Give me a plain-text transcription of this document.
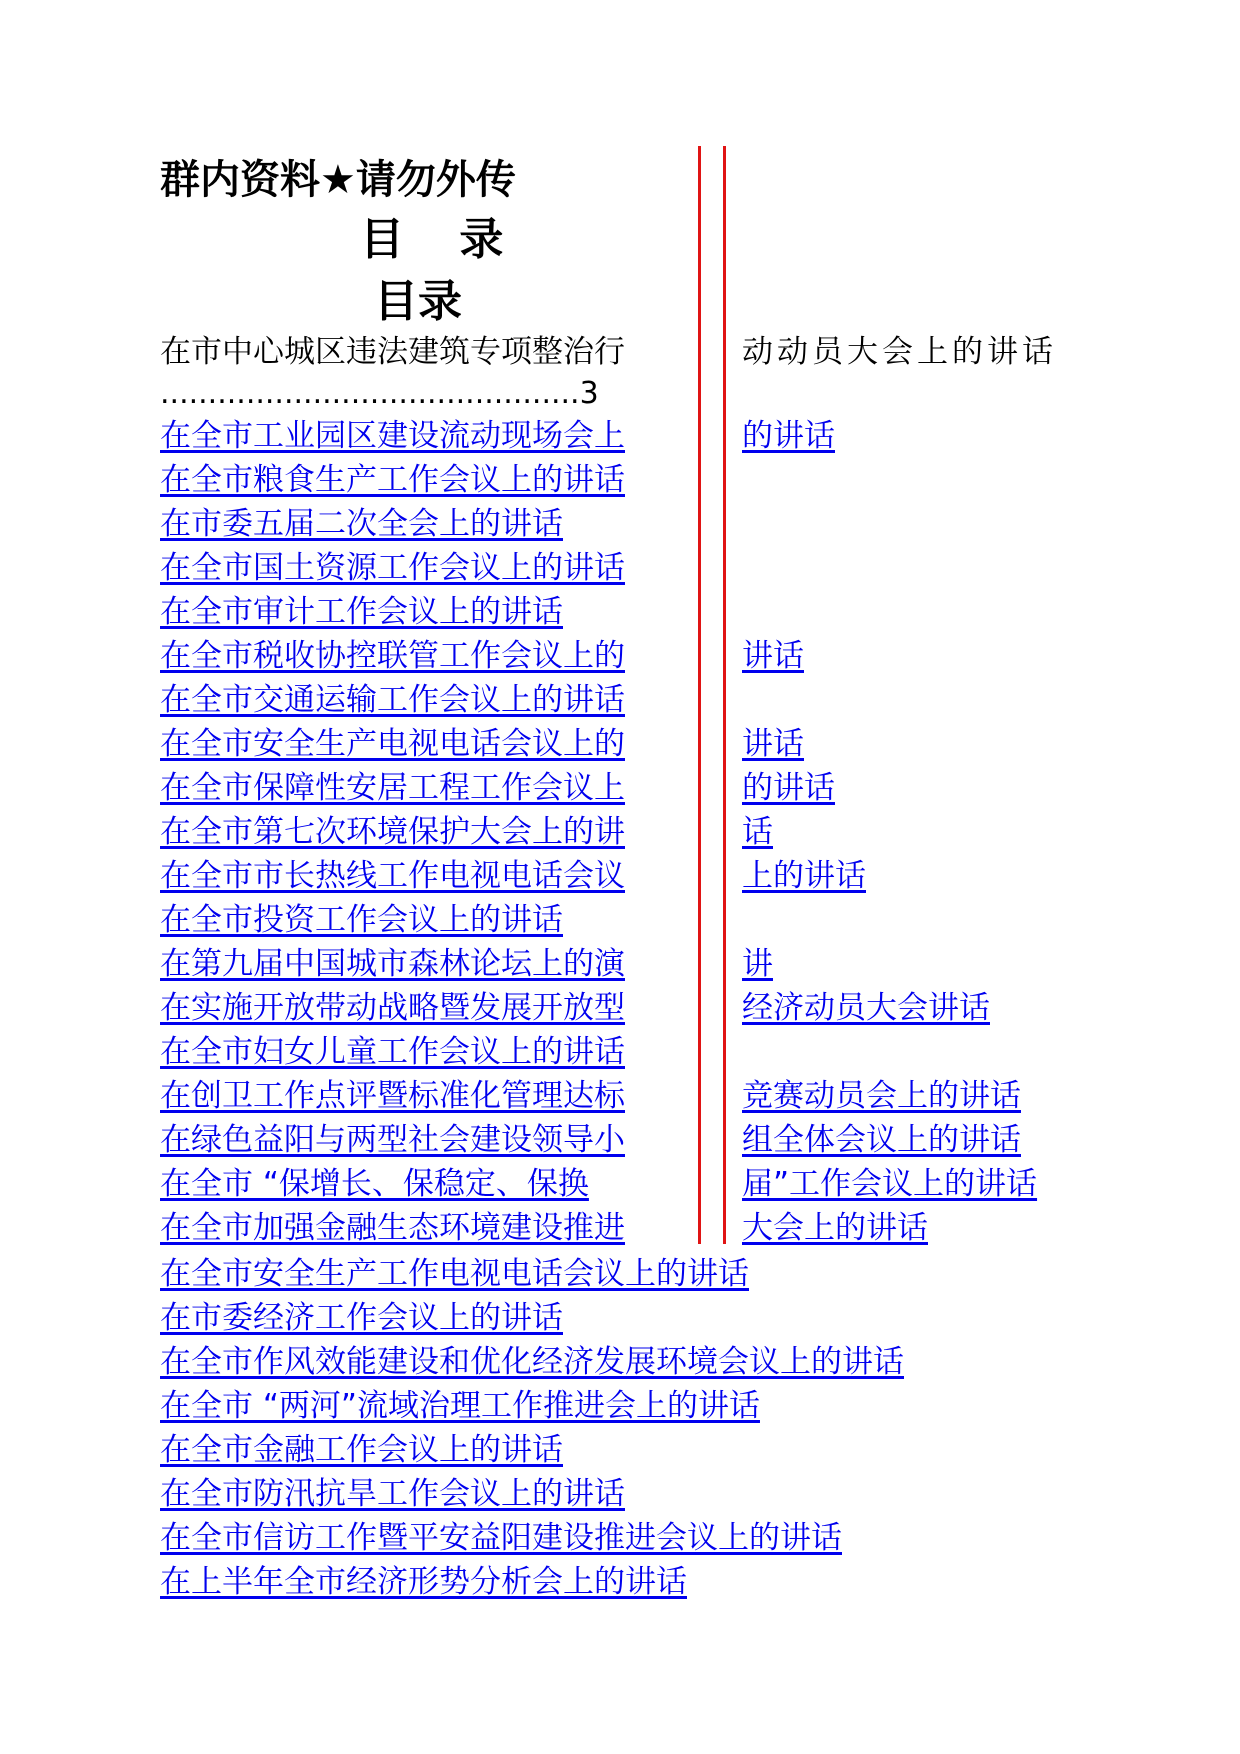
群内资料★请勿外传
目 录
目录
在市中心城区违法建筑专项整治行
............................................3
在全市工业园区建设流动现场会上
在全市粮食生产工作会议上的讲话
在市委五届二次全会上的讲话
在全市国土资源工作会议上的讲话
在全市审计工作会议上的讲话
在全市税收协控联管工作会议上的
在全市交通运输工作会议上的讲话
在全市安全生产电视电话会议上的
在全市保障性安居工程工作会议上
在全市第七次环境保护大会上的讲
在全市市长热线工作电视电话会议
在全市投资工作会议上的讲话
在第九届中国城市森林论坛上的演
在实施开放带动战略暨发展开放型
在全市妇女儿童工作会议上的讲话
在创卫工作点评暨标准化管理达标
在绿色益阳与两型社会建设领导小
在全市 “保增长、保稳定、保换
在全市加强金融生态环境建设推进
动动员大会上的讲话
的讲话
讲话
讲话
的讲话
话
上的讲话
讲
经济动员大会讲话
竞赛动员会上的讲话
组全体会议上的讲话
届”工作会议上的讲话
大会上的讲话
在全市安全生产工作电视电话会议上的讲话
在市委经济工作会议上的讲话
在全市作风效能建设和优化经济发展环境会议上的讲话
在全市 “两河”流域治理工作推进会上的讲话
在全市金融工作会议上的讲话
在全市防汛抗旱工作会议上的讲话
在全市信访工作暨平安益阳建设推进会议上的讲话
在上半年全市经济形势分析会上的讲话
